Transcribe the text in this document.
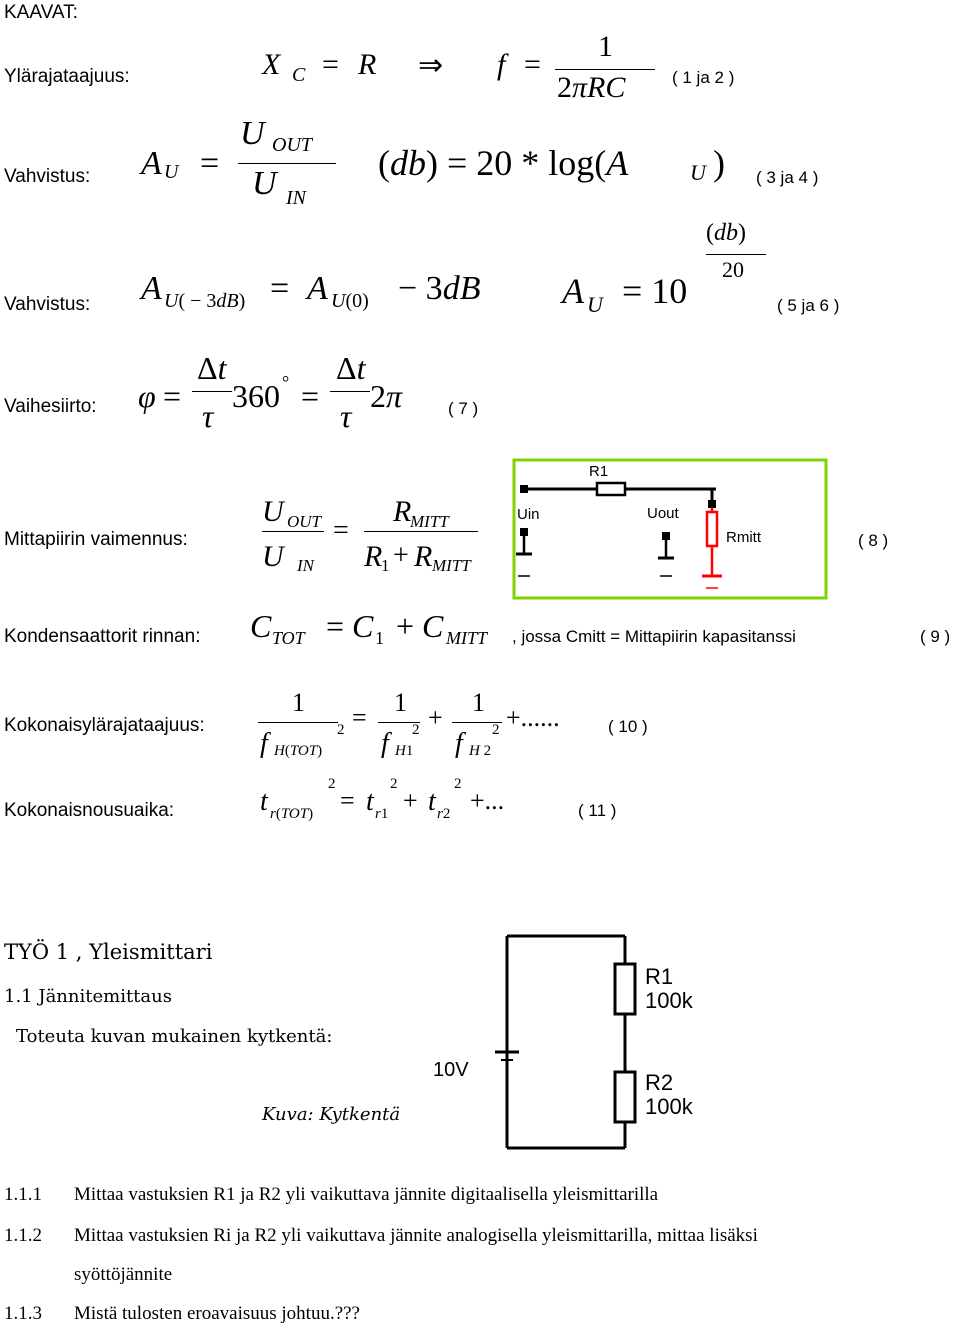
KAAVAT:
Ylärajataajuus:	X C = R ⇒ f =
1
2πRC	( 1 ja 2 )
Vahvistus: A U =
U OUT
U IN
(db) = 20 * log(A	U ) ( 3 ja 4 )
Vahvistus: A U( − 3dB) = A U(0) − 3dB A U = 10
(db)
20
( 5 ja 6 )
Vaihesiirto: φ =
Δt
τ
360 ° =
Δt
τ
2π	( 7 )
Mittapiirin vaimennus:
U OUT
U IN
=
R
MITT
R
1 + R MITT
R1
Uin	Uout
Rmitt	( 8 )
Kondensaattorit rinnan: C TOT = C 1 + C MITT , jossa Cmitt = Mittapiirin kapasitanssi	( 9 )
Kokonaisylärajataajuus:
1
f H(TOT)
2 =
1
f H1
2 +
1
f H 2
2 +......	( 10 )
Kokonaisnousuaika:	t r(TOT)
2
= t r1
2
+ t r2
2
+...	( 11 )
TYÖ 1 , Yleismittari
1.1 Jännitemittaus
Toteuta kuvan mukainen kytkentä:
Kuva: Kytkentä
10V
R1
100k
R2
100k
1.1.1 Mittaa vastuksien R1 ja R2 yli vaikuttava jännite digitaalisella yleismittarilla
1.1.2 Mittaa vastuksien Ri ja R2 yli vaikuttava jännite analogisella yleismittarilla, mittaa lisäksi
syöttöjännite
1.1.3 Mistä tulosten eroavaisuus johtuu.???
